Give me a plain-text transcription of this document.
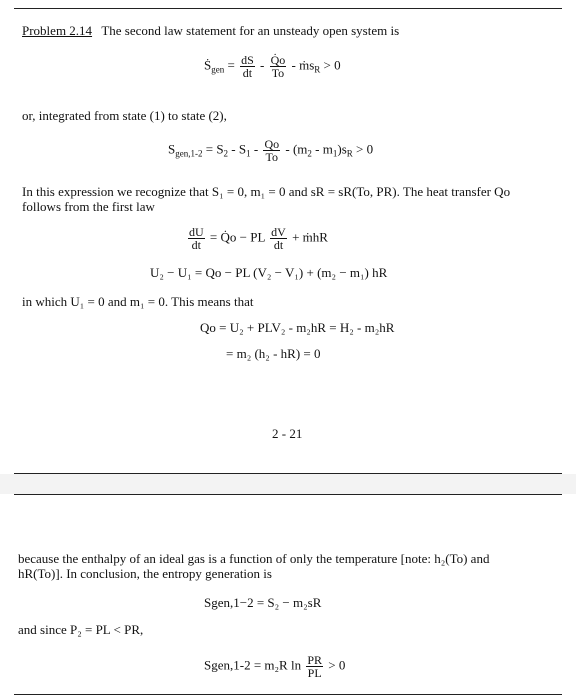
Problem 2.14 The second law statement for an unsteady open system is
Ṡ$_{gen}$ = $\frac{dS}{dt} - \frac{Q̇o}{To}$ - ṁs$_R$ > 0
or, integrated from state (1) to state (2),
$S_{gen,1-2} = S_2 - S_1 - \frac{Qo}{To} - (m_2 - m_1)s_R > 0$
In this expression we recognize that S₁ = 0, m₁ = 0 and sR = sR(To, PR). The heat transfer Qo
follows from the first law
$\frac{dU}{dt}$ = Q̇o − PL $\frac{dV}{dt}$ + ṁhR
U₂ − U₁ = Qo − PL (V₂ − V₁) + (m₂ − m₁) hR
in which U₁ = 0 and m₁ = 0. This means that
Qo = U₂ + PLV₂ - m₂hR = H₂ - m₂hR
= m₂ (h₂ - hR) = 0
2 - 21
because the enthalpy of an ideal gas is a function of only the temperature [note: h₂(To) and
hR(To)]. In conclusion, the entropy generation is
Sgen,1−2 = S₂ − m₂sR
and since P₂ = PL < PR,
Sgen,1-2 = m₂R $\ln \frac{PR}{PL} > 0$
